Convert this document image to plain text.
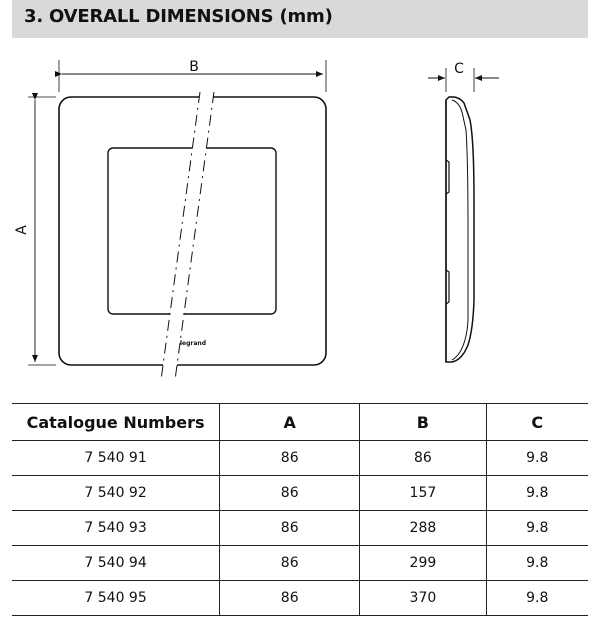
3. OVERALL DIMENSIONS (mm)
B
A
legrand
C
Catalogue Numbers	A	B	C
7 540 91	86	86	9.8
7 540 92	86	157	9.8
7 540 93	86	288	9.8
7 540 94	86	299	9.8
7 540 95	86	370	9.8
